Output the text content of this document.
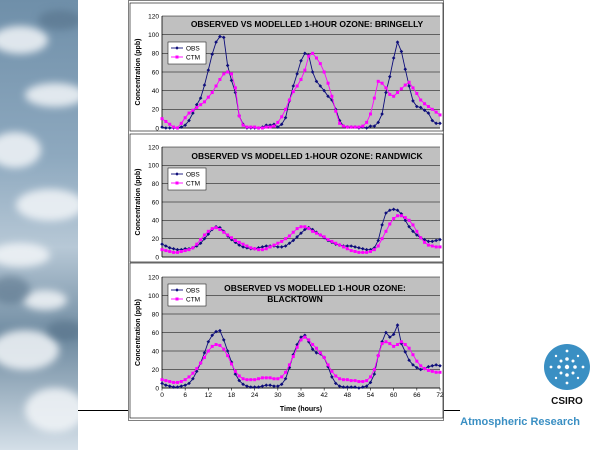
0
20
40
60
80
100
120
Concentration (ppb)
OBSERVED VS MODELLED 1-HOUR OZONE: BRINGELLY
OBS
CTM
0
20
40
60
80
100
120
Concentration (ppb)
OBSERVED VS MODELLED 1-HOUR OZONE: RANDWICK
OBS
CTM
0
20
40
60
80
100
120
0	6	12 18 24 30 36 42 48 54 60 66 72
Concentration (ppb)
Time (hours)
OBSERVED VS MODELLED 1-HOUR OZONE: BLACKTOWN
OBS
CTM
CSIRO
Atmospheric Research
